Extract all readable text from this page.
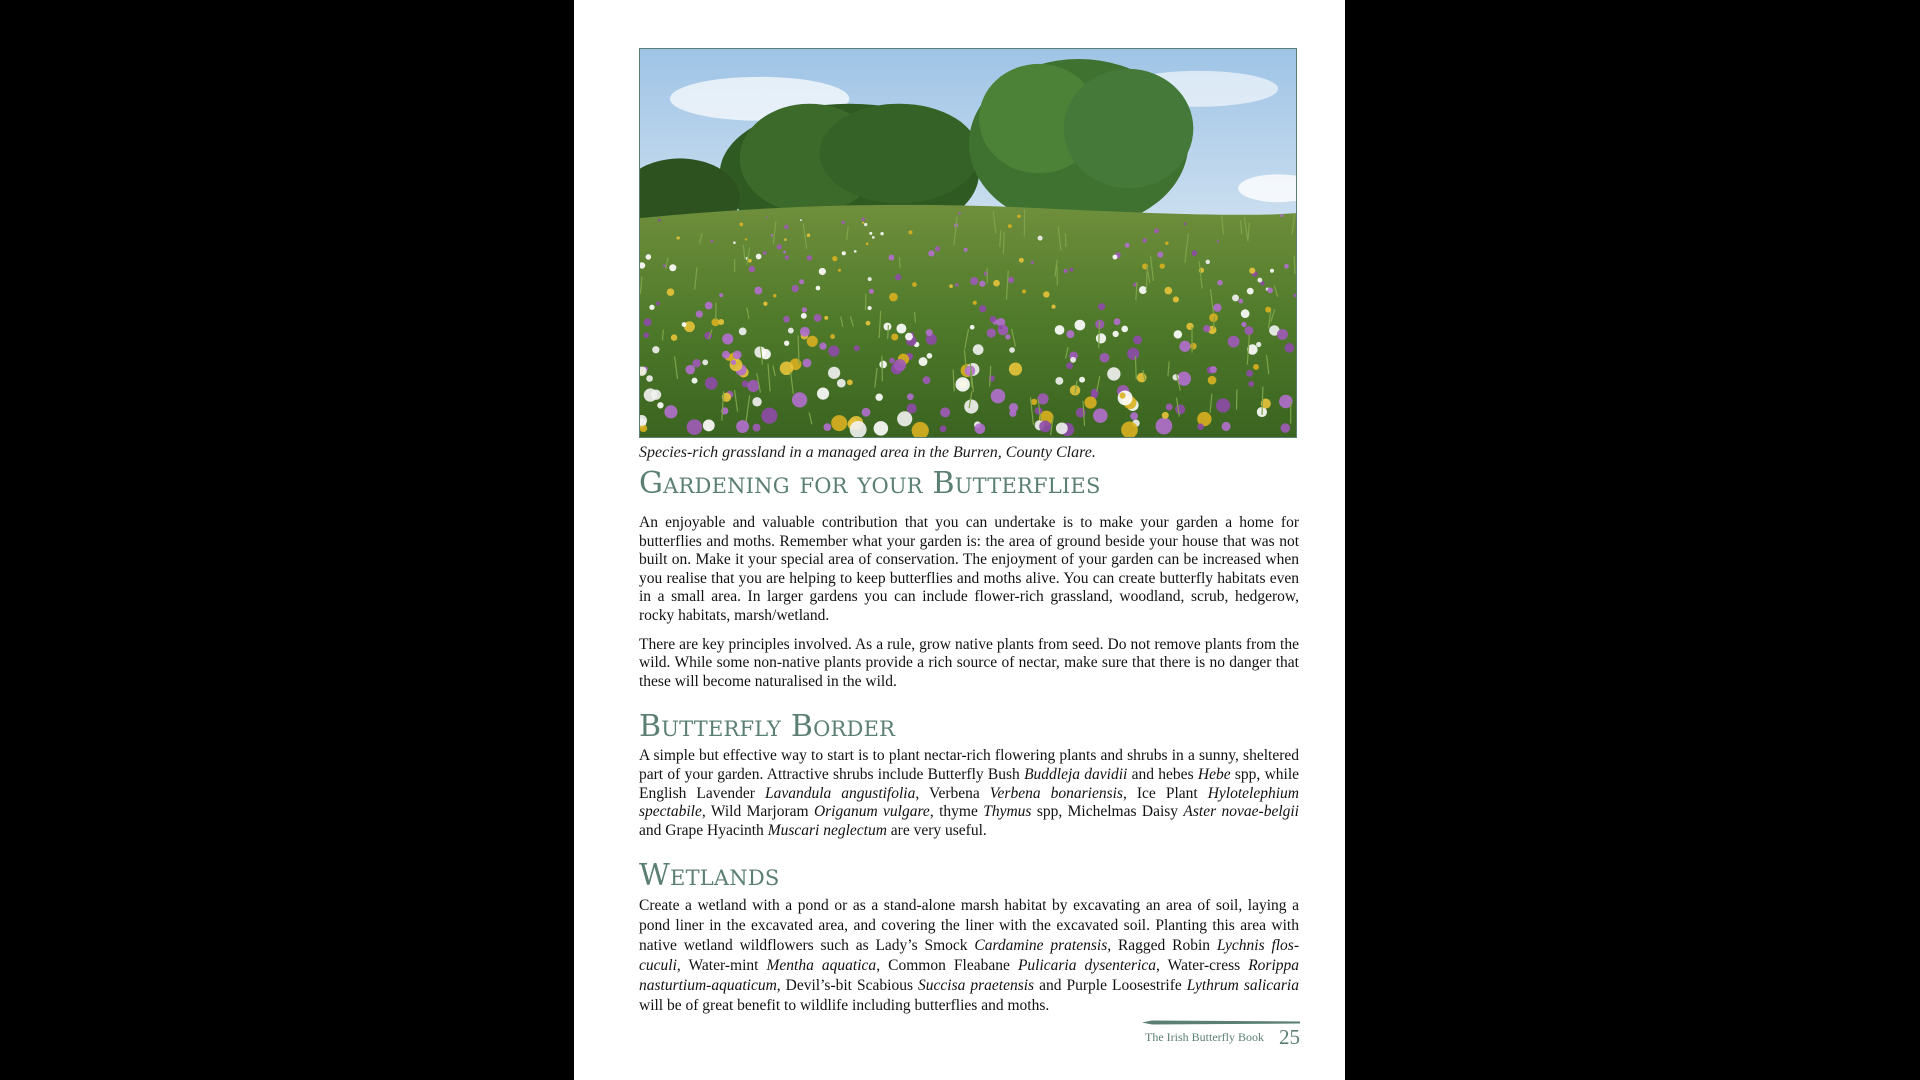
Species-rich grassland in a managed area in the Burren, County Clare.
Gardening for your Butterflies

An enjoyable and valuable contribution that you can undertake is to make your garden a home for butterflies and moths. Remember what your garden is: the area of ground beside your house that was not built on. Make it your special area of conservation. The enjoyment of your garden can be increased when you realise that you are helping to keep butterflies and moths alive. You can create butterfly habitats even in a small area. In larger gardens you can include flower-rich grassland, woodland, scrub, hedgerow, rocky habitats, marsh/wetland.

There are key principles involved. As a rule, grow native plants from seed. Do not remove plants from the wild. While some non-native plants provide a rich source of nectar, make sure that there is no danger that these will become naturalised in the wild.

Butterfly Border

A simple but effective way to start is to plant nectar-rich flowering plants and shrubs in a sunny, sheltered part of your garden. Attractive shrubs include Butterfly Bush Buddleja davidii and hebes Hebe spp, while English Lavender Lavandula angustifolia, Verbena Verbena bonariensis, Ice Plant Hylotelephium spectabile, Wild Marjoram Origanum vulgare, thyme Thymus spp, Michelmas Daisy Aster novae-belgii and Grape Hyacinth Muscari neglectum are very useful.

Wetlands

Create a wetland with a pond or as a stand-alone marsh habitat by excavating an area of soil, laying a pond liner in the excavated area, and covering the liner with the excavated soil. Planting this area with native wetland wildflowers such as Lady’s Smock Cardamine pratensis, Ragged Robin Lychnis flos-cuculi, Water-mint Mentha aquatica, Common Fleabane Pulicaria dysenterica, Water-cress Rorippa nasturtium-aquaticum, Devil’s-bit Scabious Succisa praetensis and Purple Loosestrife Lythrum salicaria will be of great benefit to wildlife including butterflies and moths.

The Irish Butterfly Book 25
